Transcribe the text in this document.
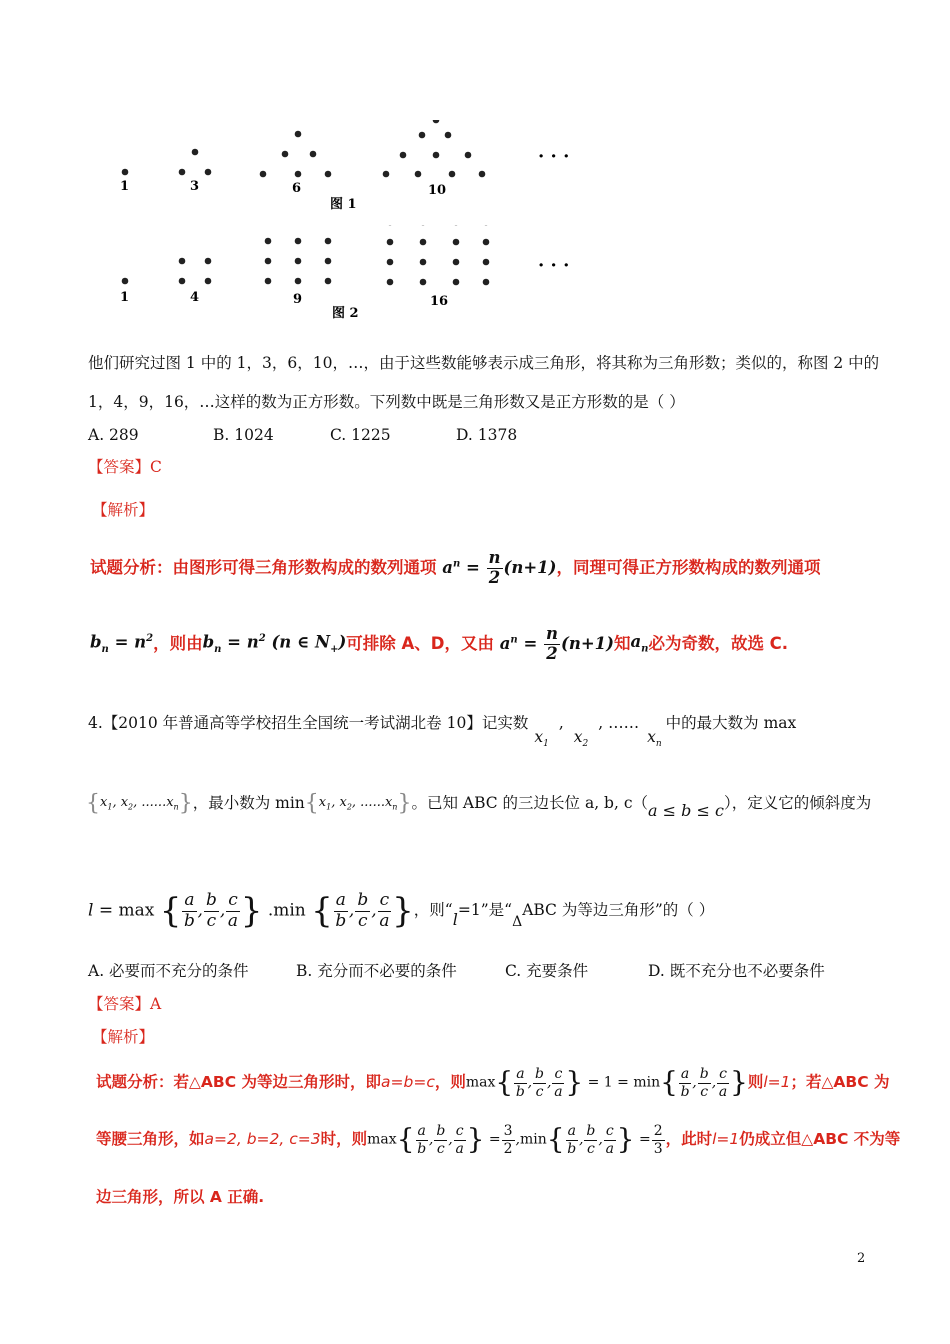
1	3	6	10
图 1
· · ·
1	4	9	16
图 2
· · ·
他们研究过图 1 中的 1，3，6，10，…，由于这些数能够表示成三角形，将其称为三角形数；类似的，称图 2 中的
1，4，9，16，…这样的数为正方形数。下列数中既是三角形数又是正方形数的是（ ）
A. 289	B. 1024	C. 1225	D. 1378
【答案】C
【解析】
试题分析：由图形可得三角形数构成的数列通项 $a^n = \frac{n}{2} (n+1)$ ，同理可得正方形数构成的数列通项
$b_n = n^2$ ，则由 $b_n = n^2$ (n ∈ $N_+$) 可排除 A、D，又由 $a^n = \frac{n}{2} (n+1)$ 知 $a_n$ 必为奇数，故选 C.
4. 【2010 年普通高等学校招生全国统一考试湖北卷 10】 记实数
$x_1$
,
$x_2$
, ……
$x_n$
中的最大数为 max
{ $x_1$, $x_2$, $......x_n$ } ，最小数为 min { $x_1$, $x_2$, $......x_n$ } 。已知 ABC 的三边长位 a, b, c（ a ≤ b ≤ c ），定义它的倾斜度为
l = max { $\frac{a}{b}$ , $\frac{b}{c}$ , $\frac{c}{a}$ } .min { $\frac{a}{b}$ , $\frac{b}{c}$ , $\frac{c}{a}$ } ，则“ l =1”是“
Δ
ABC 为等边三角形”的（ ）
A. 必要而不充分的条件	B. 充分而不必要的条件	C. 充要条件	D. 既不充分也不必要条件
【答案】A
【解析】
试题分析：若△ABC 为等边三角形时，即 a=b=c ，则 $\max\{ \frac{a}{b}$ , $\frac{b}{c}$ , $\frac{c}{a}$ } = $1 = \min\{ \frac{a}{b}$ , $\frac{b}{c}$ , $\frac{c}{a}$ } 则 l=1 ；若△ABC 为
等腰三角形，如 a=2, b=2, c=3 时，则 $\max\{ \frac{a}{b}$ , $\frac{b}{c}$ , $\frac{c}{a}$ } = $\frac{3}{2} ,\min\{ \frac{a}{b}$ , $\frac{b}{c}$ , $\frac{c}{a}$ } = $\frac{2}{3}$ ，此时 l=1 仍成立但△ABC 不为等
边三角形，所以 A 正确.
2
